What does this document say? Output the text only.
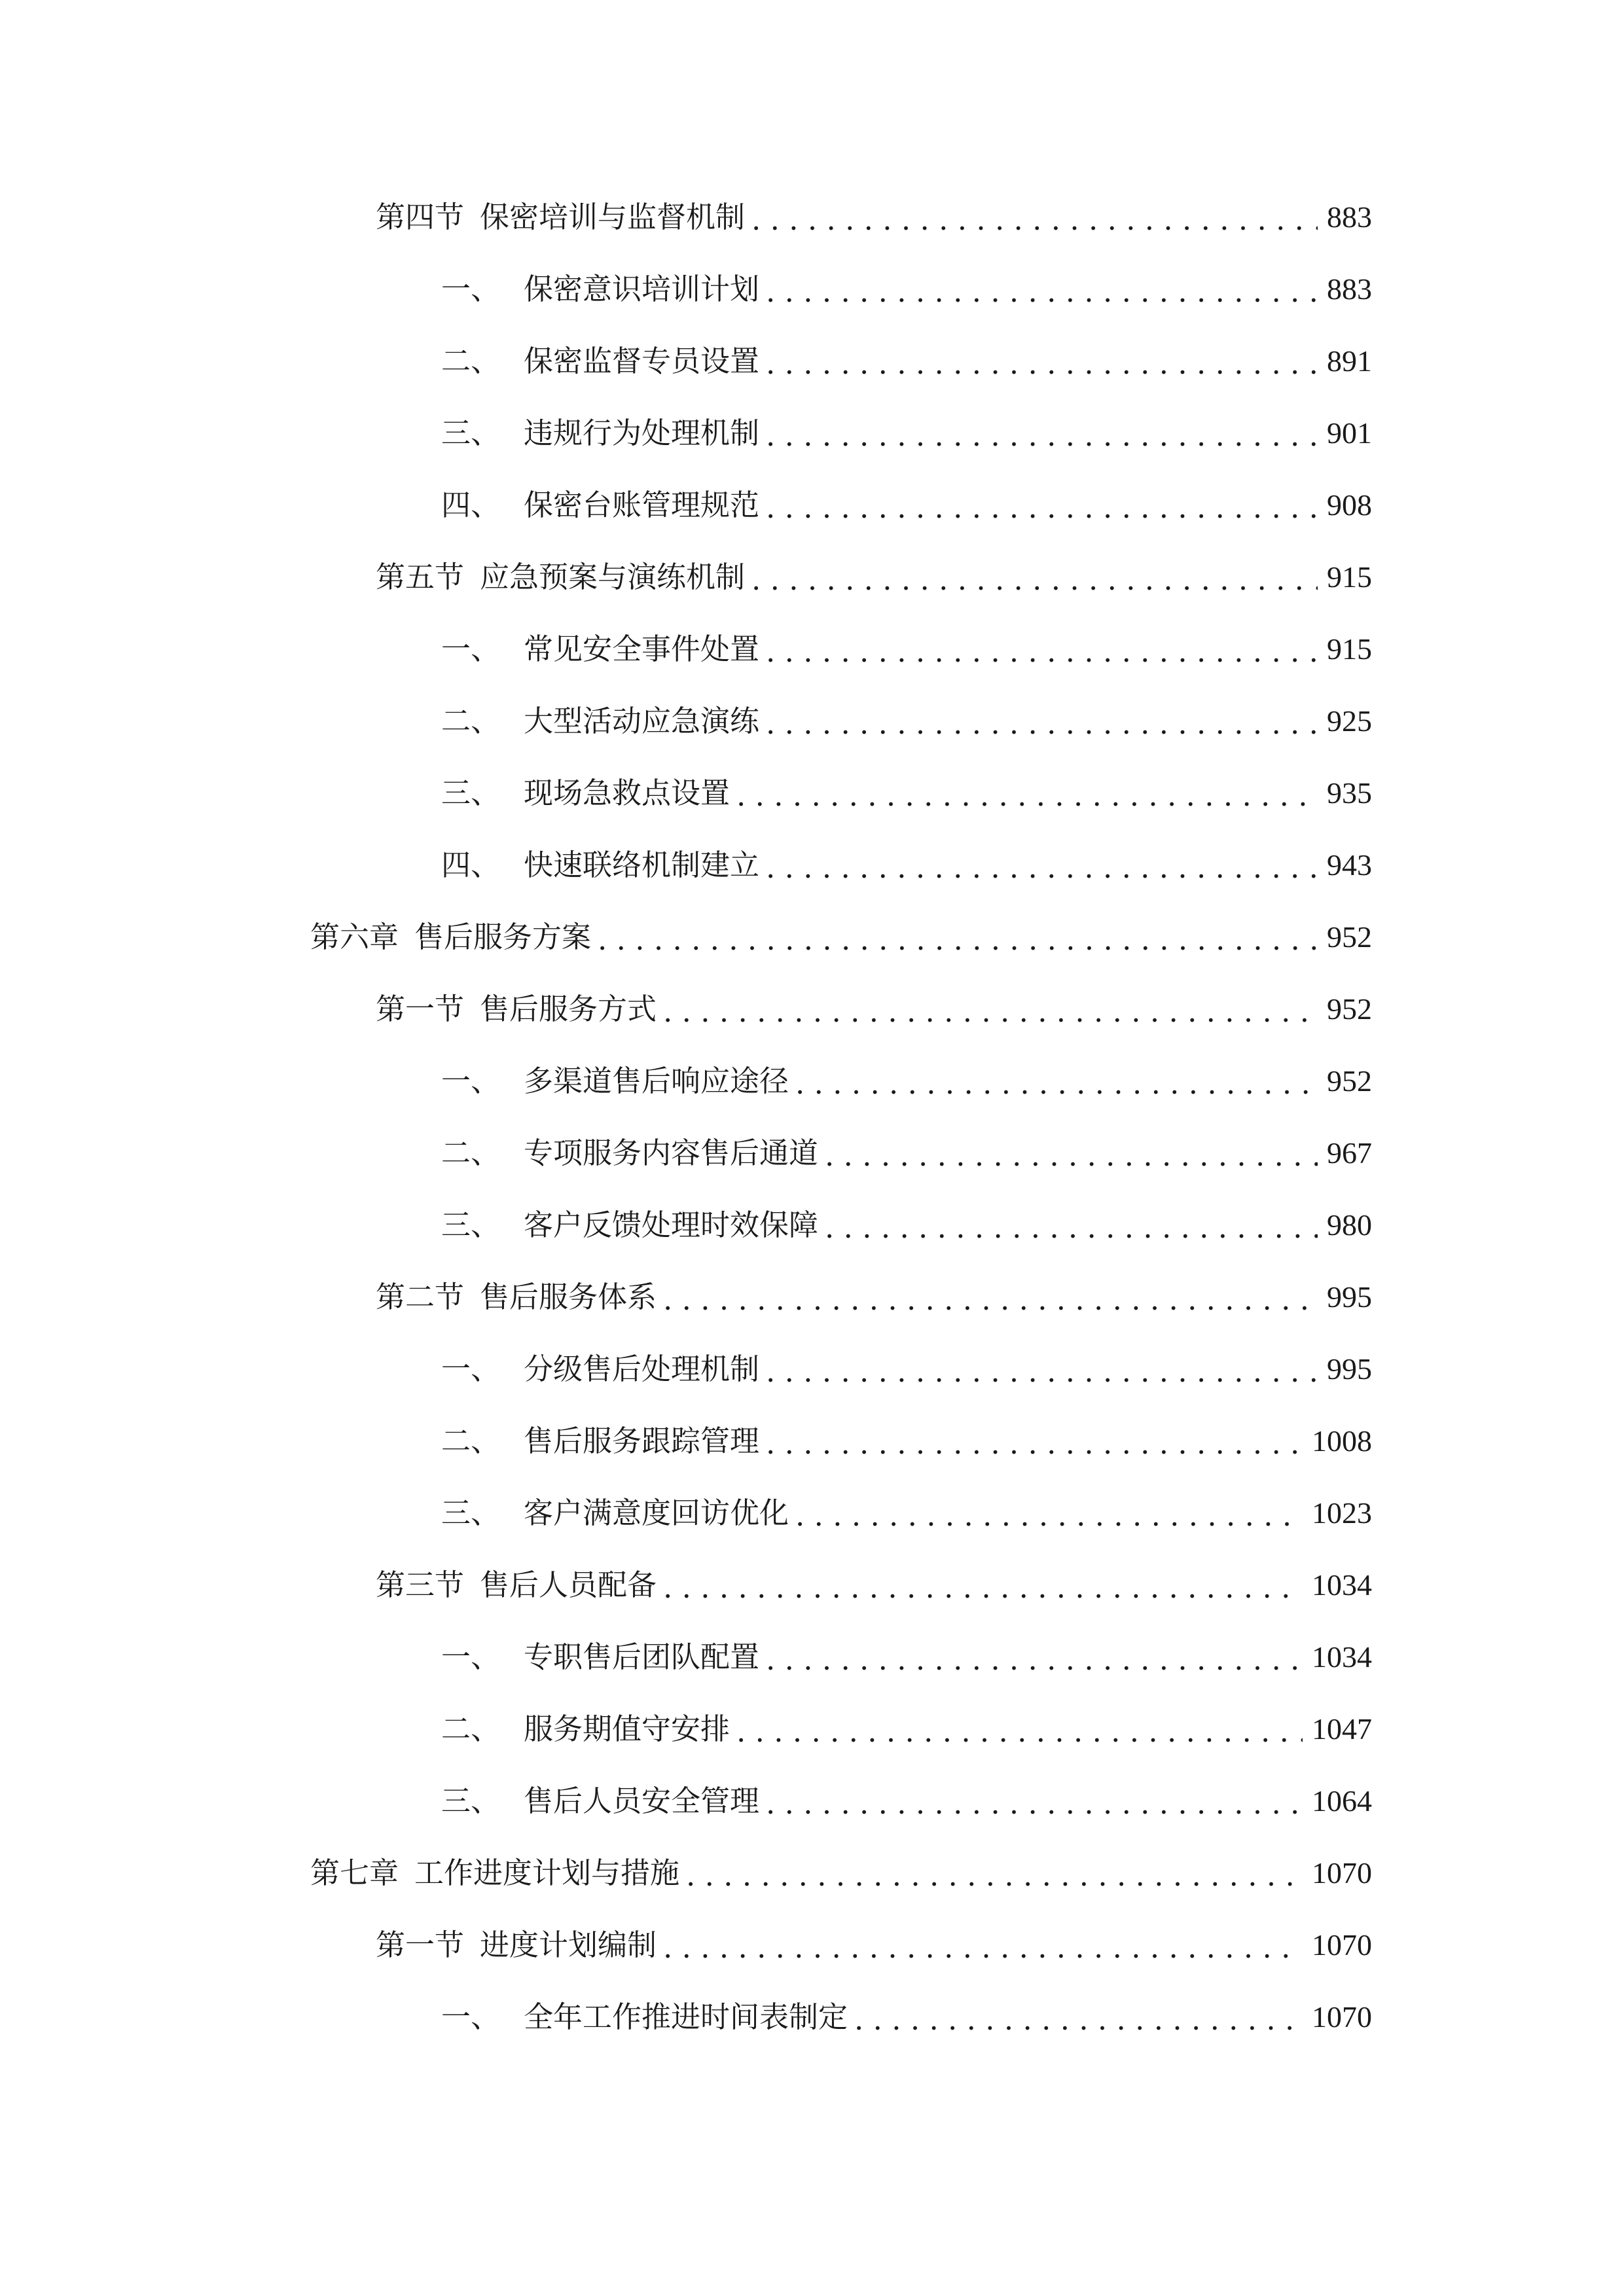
第四节 保密培训与监督机制 . . .	883
一、 保密意识培训计划 . . .	883
二、 保密监督专员设置 . . .	891
三、 违规行为处理机制 . . .	901
四、 保密台账管理规范 . . .	908
第五节 应急预案与演练机制 . . .	915
一、 常见安全事件处置 . . .	915
二、 大型活动应急演练 . . .	925
三、 现场急救点设置 . . .	935
四、 快速联络机制建立 . . .	943
第六章 售后服务方案 . . .	952
第一节 售后服务方式 . . .	952
一、 多渠道售后响应途径 . . .	952
二、 专项服务内容售后通道 . . .	967
三、 客户反馈处理时效保障 . . .	980
第二节 售后服务体系 . . .	995
一、 分级售后处理机制 . . .	995
二、 售后服务跟踪管理 . . .	1008
三、 客户满意度回访优化 . . .	1023
第三节 售后人员配备 . . .	1034
一、 专职售后团队配置 . . .	1034
二、 服务期值守安排 . . .	1047
三、 售后人员安全管理 . . .	1064
第七章 工作进度计划与措施 . . .	1070
第一节 进度计划编制 . . .	1070
一、 全年工作推进时间表制定 . . .	1070
